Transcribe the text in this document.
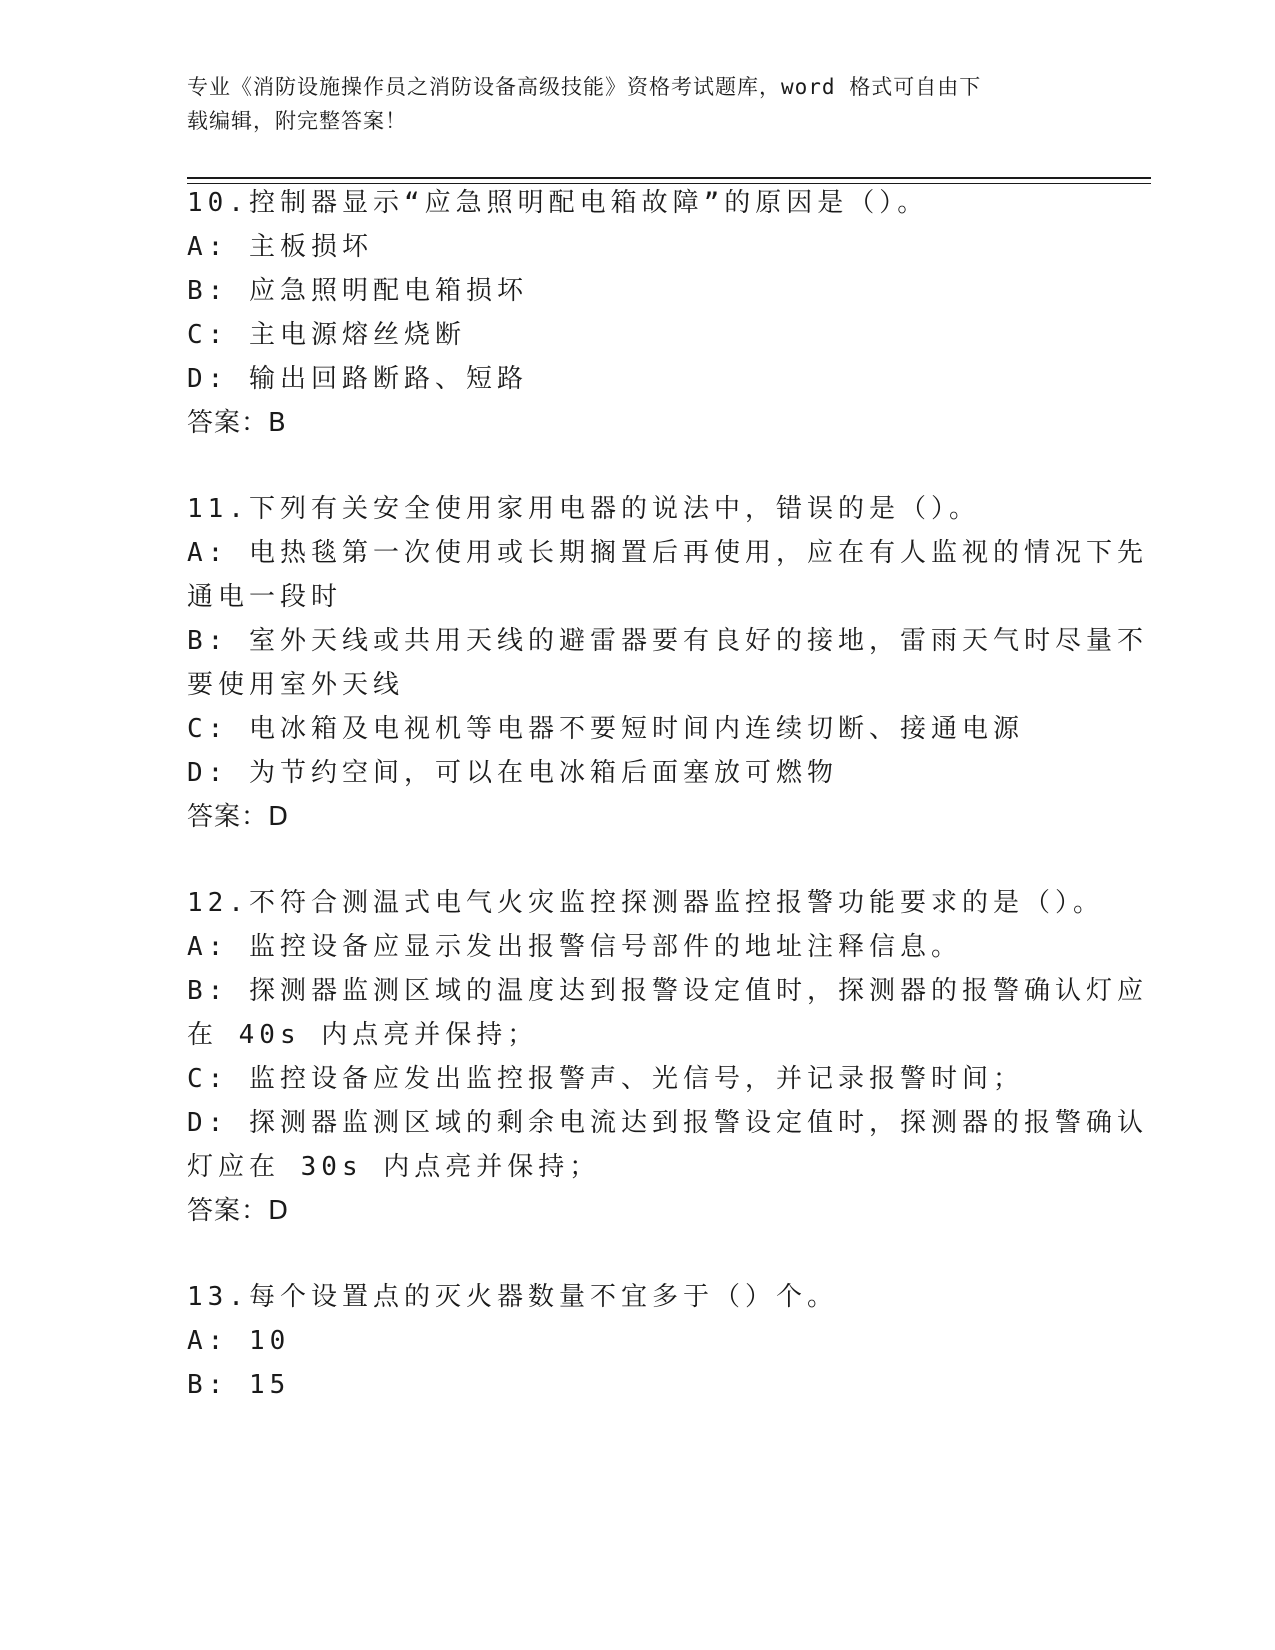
专业《消防设施操作员之消防设备高级技能》资格考试题库，word 格式可自由下
载编辑，附完整答案！
10.控制器显示“应急照明配电箱故障”的原因是（）。
A: 主板损坏
B: 应急照明配电箱损坏
C: 主电源熔丝烧断
D: 输出回路断路、短路
答案：B
11.下列有关安全使用家用电器的说法中，错误的是（）。
A: 电热毯第一次使用或长期搁置后再使用，应在有人监视的情况下先
通电一段时
B: 室外天线或共用天线的避雷器要有良好的接地，雷雨天气时尽量不
要使用室外天线
C: 电冰箱及电视机等电器不要短时间内连续切断、接通电源
D: 为节约空间，可以在电冰箱后面塞放可燃物
答案：D
12.不符合测温式电气火灾监控探测器监控报警功能要求的是（）。
A: 监控设备应显示发出报警信号部件的地址注释信息。
B: 探测器监测区域的温度达到报警设定值时，探测器的报警确认灯应
在 40s 内点亮并保持；
C: 监控设备应发出监控报警声、光信号，并记录报警时间；
D: 探测器监测区域的剩余电流达到报警设定值时，探测器的报警确认
灯应在 30s 内点亮并保持；
答案：D
13.每个设置点的灭火器数量不宜多于（）个。
A: 10
B: 15
